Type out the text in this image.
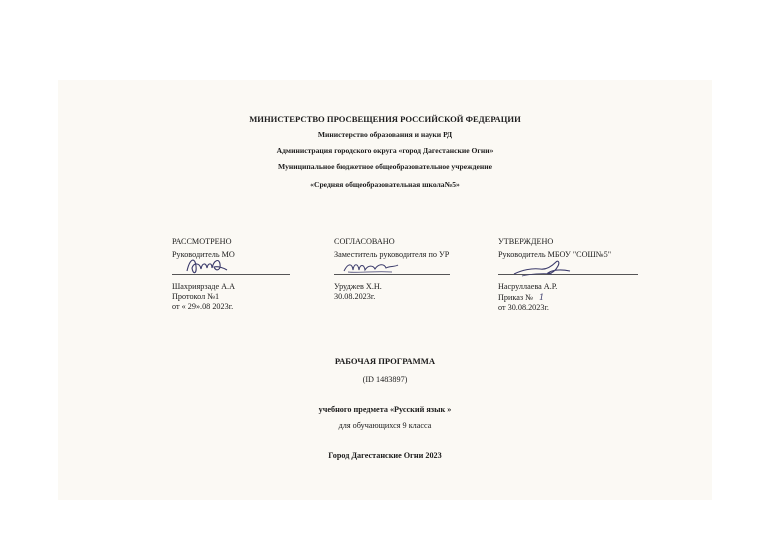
МИНИСТЕРСТВО ПРОСВЕЩЕНИЯ РОССИЙСКОЙ ФЕДЕРАЦИИ
Министерство образования и науки РД
Администрация городского округа «город Дагестанские Огни»
Муниципальное бюджетное общеобразовательное учреждение
«Средняя общеобразовательная школа№5»
РАССМОТРЕНО
Руководитель МО
Шахриярзаде А.А
Протокол №1
от « 29».08 2023г.
СОГЛАСОВАНО
Заместитель руководителя по УР
Уруджев Х.Н.
30.08.2023г.
УТВЕРЖДЕНО
Руководитель МБОУ "СОШ№5"
Насруллаева А.Р.
Приказ № 1
от 30.08.2023г.
РАБОЧАЯ ПРОГРАММА
(ID 1483897)
учебного предмета «Русский язык »
для обучающихся 9 класса
Город Дагестанские Огни 2023
